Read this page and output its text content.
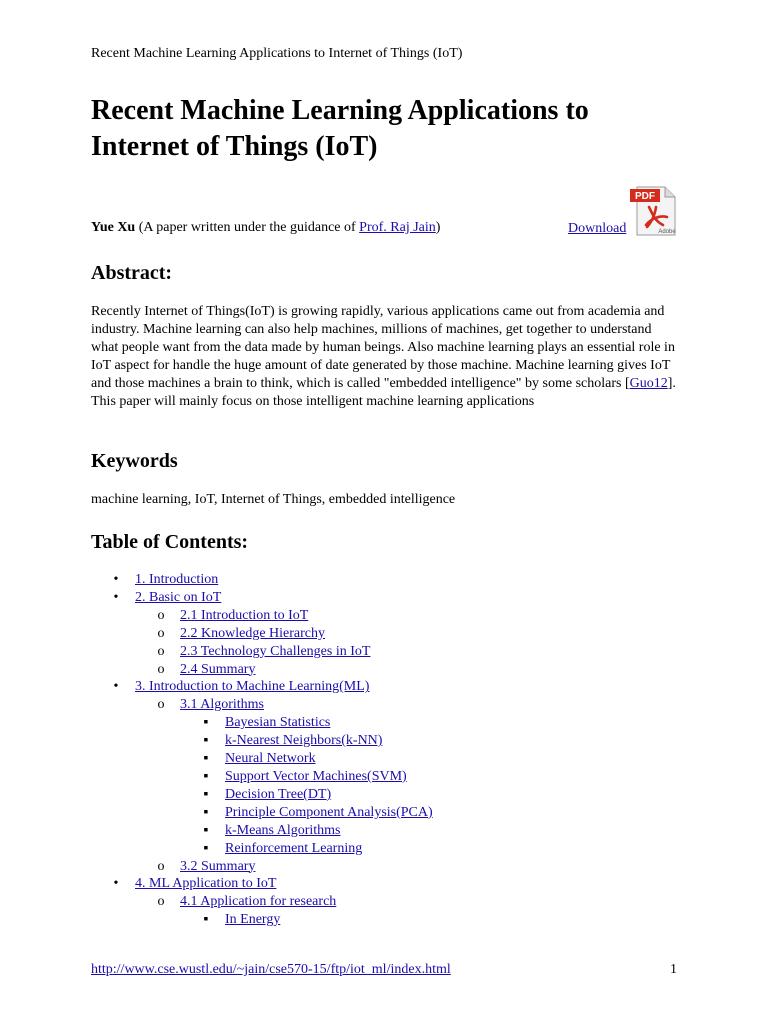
Recent Machine Learning Applications to Internet of Things (IoT)
Recent Machine Learning Applications to Internet of Things (IoT)
Yue Xu (A paper written under the guidance of Prof. Raj Jain)	Download
PDF
Adobe
Abstract:

Recently Internet of Things(IoT) is growing rapidly, various applications came out from academia and industry. Machine learning can also help machines, millions of machines, get together to understand what people want from the data made by human beings. Also machine learning plays an essential role in IoT aspect for handle the huge amount of date generated by those machine. Machine learning gives IoT and those machines a brain to think, which is called "embedded intelligence" by some scholars [Guo12]. This paper will mainly focus on those intelligent machine learning applications

Keywords

machine learning, IoT, Internet of Things, embedded intelligence

Table of Contents:
• 1. Introduction
• 2. Basic on IoT
o 2.1 Introduction to IoT
o 2.2 Knowledge Hierarchy
o 2.3 Technology Challenges in IoT
o 2.4 Summary
• 3. Introduction to Machine Learning(ML)
o 3.1 Algorithms
▪ Bayesian Statistics
▪ k-Nearest Neighbors(k-NN)
▪ Neural Network
▪ Support Vector Machines(SVM)
▪ Decision Tree(DT)
▪ Principle Component Analysis(PCA)
▪ k-Means Algorithms
▪ Reinforcement Learning
o 3.2 Summary
• 4. ML Application to IoT
o 4.1 Application for research
▪ In Energy
http://www.cse.wustl.edu/~jain/cse570-15/ftp/iot_ml/index.html	1
